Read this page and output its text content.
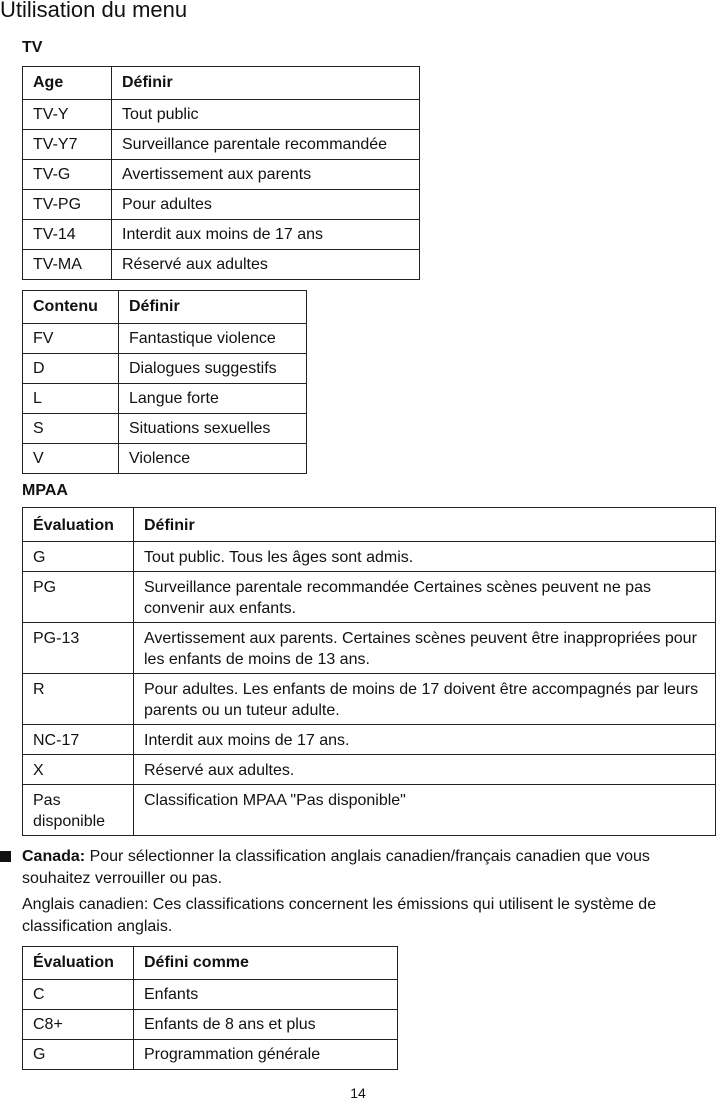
Utilisation du menu
TV
Age	Définir
TV-Y	Tout public
TV-Y7	Surveillance parentale recommandée
TV-G	Avertissement aux parents
TV-PG	Pour adultes
TV-14	Interdit aux moins de 17 ans
TV-MA	Réservé aux adultes
Contenu	Définir
FV	Fantastique violence
D	Dialogues suggestifs
L	Langue forte
S	Situations sexuelles
V	Violence
MPAA
Évaluation	Définir
G	Tout public. Tous les âges sont admis.
PG	Surveillance parentale recommandée Certaines scènes peuvent ne pas convenir aux enfants.
PG-13	Avertissement aux parents. Certaines scènes peuvent être inappropriées pour les enfants de moins de 13 ans.
R	Pour adultes. Les enfants de moins de 17 doivent être accompagnés par leurs parents ou un tuteur adulte.
NC-17	Interdit aux moins de 17 ans.
X	Réservé aux adultes.
Pas disponible	Classification MPAA "Pas disponible"

Canada: Pour sélectionner la classification anglais canadien/français canadien que vous souhaitez verrouiller ou pas.

Anglais canadien: Ces classifications concernent les émissions qui utilisent le système de classification anglais.

Évaluation	Défini comme
C	Enfants
C8+	Enfants de 8 ans et plus
G	Programmation générale
14
